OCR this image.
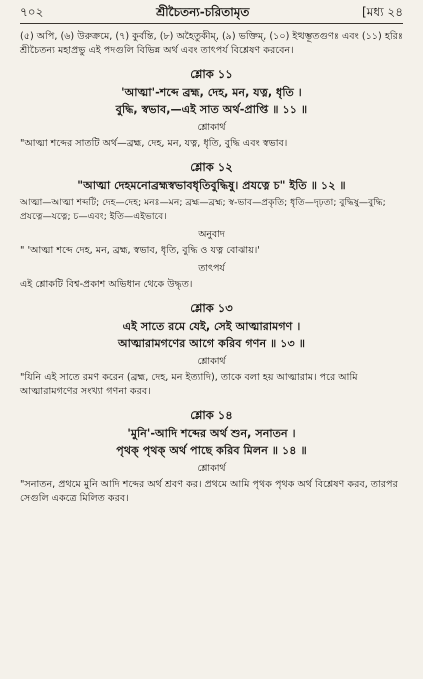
৭০২	শ্রীচৈতন্য-চরিতামৃত	[মধ্য ২৪

(৫) অপি, (৬) উরুক্রমে, (৭) কুর্বন্তি, (৮) অহৈতুকীম্‌, (৯) ভক্তিম্‌, (১০) ইত্থম্ভূতগুণঃ এবং (১১) হরিঃ শ্রীচৈতন্য মহাপ্রভু এই পদগুলি বিভিন্ন অর্থ এবং তাৎপর্য বিশ্লেষণ করবেন।

শ্লোক ১১

'আত্মা'-শব্দে ব্রহ্ম, দেহ, মন, যত্ন, ধৃতি ।

বুদ্ধি, স্বভাব,—এই সাত অর্থ-প্রাপ্তি ॥ ১১ ॥

শ্লোকার্থ

"আত্মা শব্দের সাতটি অর্থ—ব্রহ্ম, দেহ, মন, যত্ন, ধৃতি, বুদ্ধি এবং স্বভাব।

শ্লোক ১২

"আত্মা দেহমনোব্রহ্মস্বভাবধৃতিবুদ্ধিষু। প্রযত্নে চ" ইতি ॥ ১২ ॥

আত্মা—আত্মা শব্দটি; দেহ—দেহ; মনঃ—মন; ব্রহ্ম—ব্রহ্ম; স্ব-ভাব—প্রকৃতি; ধৃতি—দৃঢ়তা; বুদ্ধিষু—বুদ্ধি; প্রযত্নে—যত্নে; চ—এবং; ইতি—এইভাবে।

অনুবাদ

" 'আত্মা শব্দে দেহ, মন, ব্রহ্ম, স্বভাব, ধৃতি, বুদ্ধি ও যত্ন বোঝায়।'

তাৎপর্য

এই শ্লোকটি বিশ্ব-প্রকাশ অভিধান থেকে উদ্ধৃত।

শ্লোক ১৩

এই সাতে রমে যেই, সেই আত্মারামগণ ।

আত্মারামগণের আগে করিব গণন ॥ ১৩ ॥

শ্লোকার্থ

"যিনি এই সাতে রমণ করেন (ব্রহ্ম, দেহ, মন ইত্যাদি), তাকে বলা হয় আত্মারাম। পরে আমি আত্মারামগণের সংখ্যা গণনা করব।

শ্লোক ১৪

'মুনি'-আদি শব্দের অর্থ শুন, সনাতন ।

পৃথক্‌ পৃথক্‌ অর্থ পাছে করিব মিলন ॥ ১৪ ॥

শ্লোকার্থ

"সনাতন, প্রথমে মুনি আদি শব্দের অর্থ শ্রবণ কর। প্রথমে আমি পৃথক পৃথক অর্থ বিশ্লেষণ করব, তারপর সেগুলি একত্রে মিলিত করব।
